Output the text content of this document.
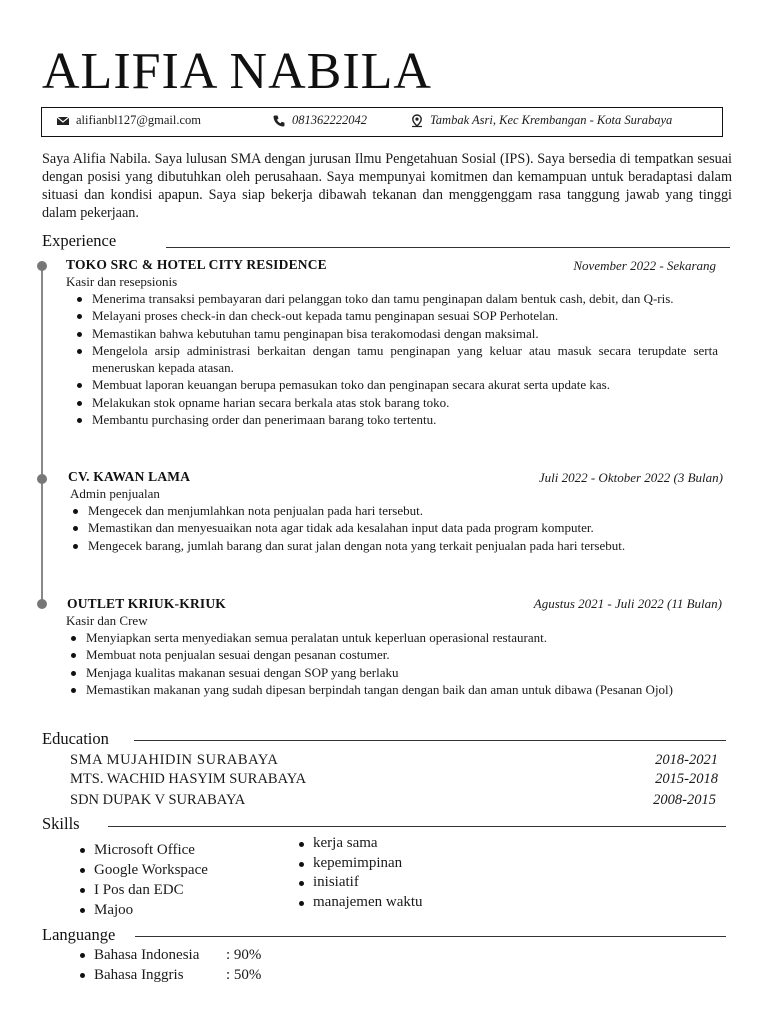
ALIFIA NABILA
alifianbl127@gmail.com	081362222042	Tambak Asri, Kec Krembangan - Kota Surabaya

Saya Alifia Nabila. Saya lulusan SMA dengan jurusan Ilmu Pengetahuan Sosial (IPS). Saya bersedia di tempatkan sesuai dengan posisi yang dibutuhkan oleh perusahaan. Saya mempunyai komitmen dan kemampuan untuk beradaptasi dalam situasi dan kondisi apapun. Saya siap bekerja dibawah tekanan dan menggenggam rasa tanggung jawab yang tinggi dalam pekerjaan.

Experience
TOKO SRC & HOTEL CITY RESIDENCE	November 2022 - Sekarang
Kasir dan resepsionis
Menerima transaksi pembayaran dari pelanggan toko dan tamu penginapan dalam bentuk cash, debit, dan Q-ris.
Melayani proses check-in dan check-out kepada tamu penginapan sesuai SOP Perhotelan.
Memastikan bahwa kebutuhan tamu penginapan bisa terakomodasi dengan maksimal.
Mengelola arsip administrasi berkaitan dengan tamu penginapan yang keluar atau masuk secara terupdate serta meneruskan kepada atasan.
Membuat laporan keuangan berupa pemasukan toko dan penginapan secara akurat serta update kas.
Melakukan stok opname harian secara berkala atas stok barang toko.
Membantu purchasing order dan penerimaan barang toko tertentu.
CV. KAWAN LAMA	Juli 2022 - Oktober 2022 (3 Bulan)
Admin penjualan
Mengecek dan menjumlahkan nota penjualan pada hari tersebut.
Memastikan dan menyesuaikan nota agar tidak ada kesalahan input data pada program komputer.
Mengecek barang, jumlah barang dan surat jalan dengan nota yang terkait penjualan pada hari tersebut.
OUTLET KRIUK-KRIUK	Agustus 2021 - Juli 2022 (11 Bulan)
Kasir dan Crew
Menyiapkan serta menyediakan semua peralatan untuk keperluan operasional restaurant.
Membuat nota penjualan sesuai dengan pesanan costumer.
Menjaga kualitas makanan sesuai dengan SOP yang berlaku
Memastikan makanan yang sudah dipesan berpindah tangan dengan baik dan aman untuk dibawa (Pesanan Ojol)
Education
SMA MUJAHIDIN SURABAYA	2018-2021
MTS. WACHID HASYIM SURABAYA	2015-2018
SDN DUPAK V SURABAYA	2008-2015
Skills
Microsoft Office
Google Workspace
I Pos dan EDC
Majoo
kerja sama
kepemimpinan
inisiatif
manajemen waktu
Languange
Bahasa Indonesia : 90%
Bahasa Inggris	: 50%
